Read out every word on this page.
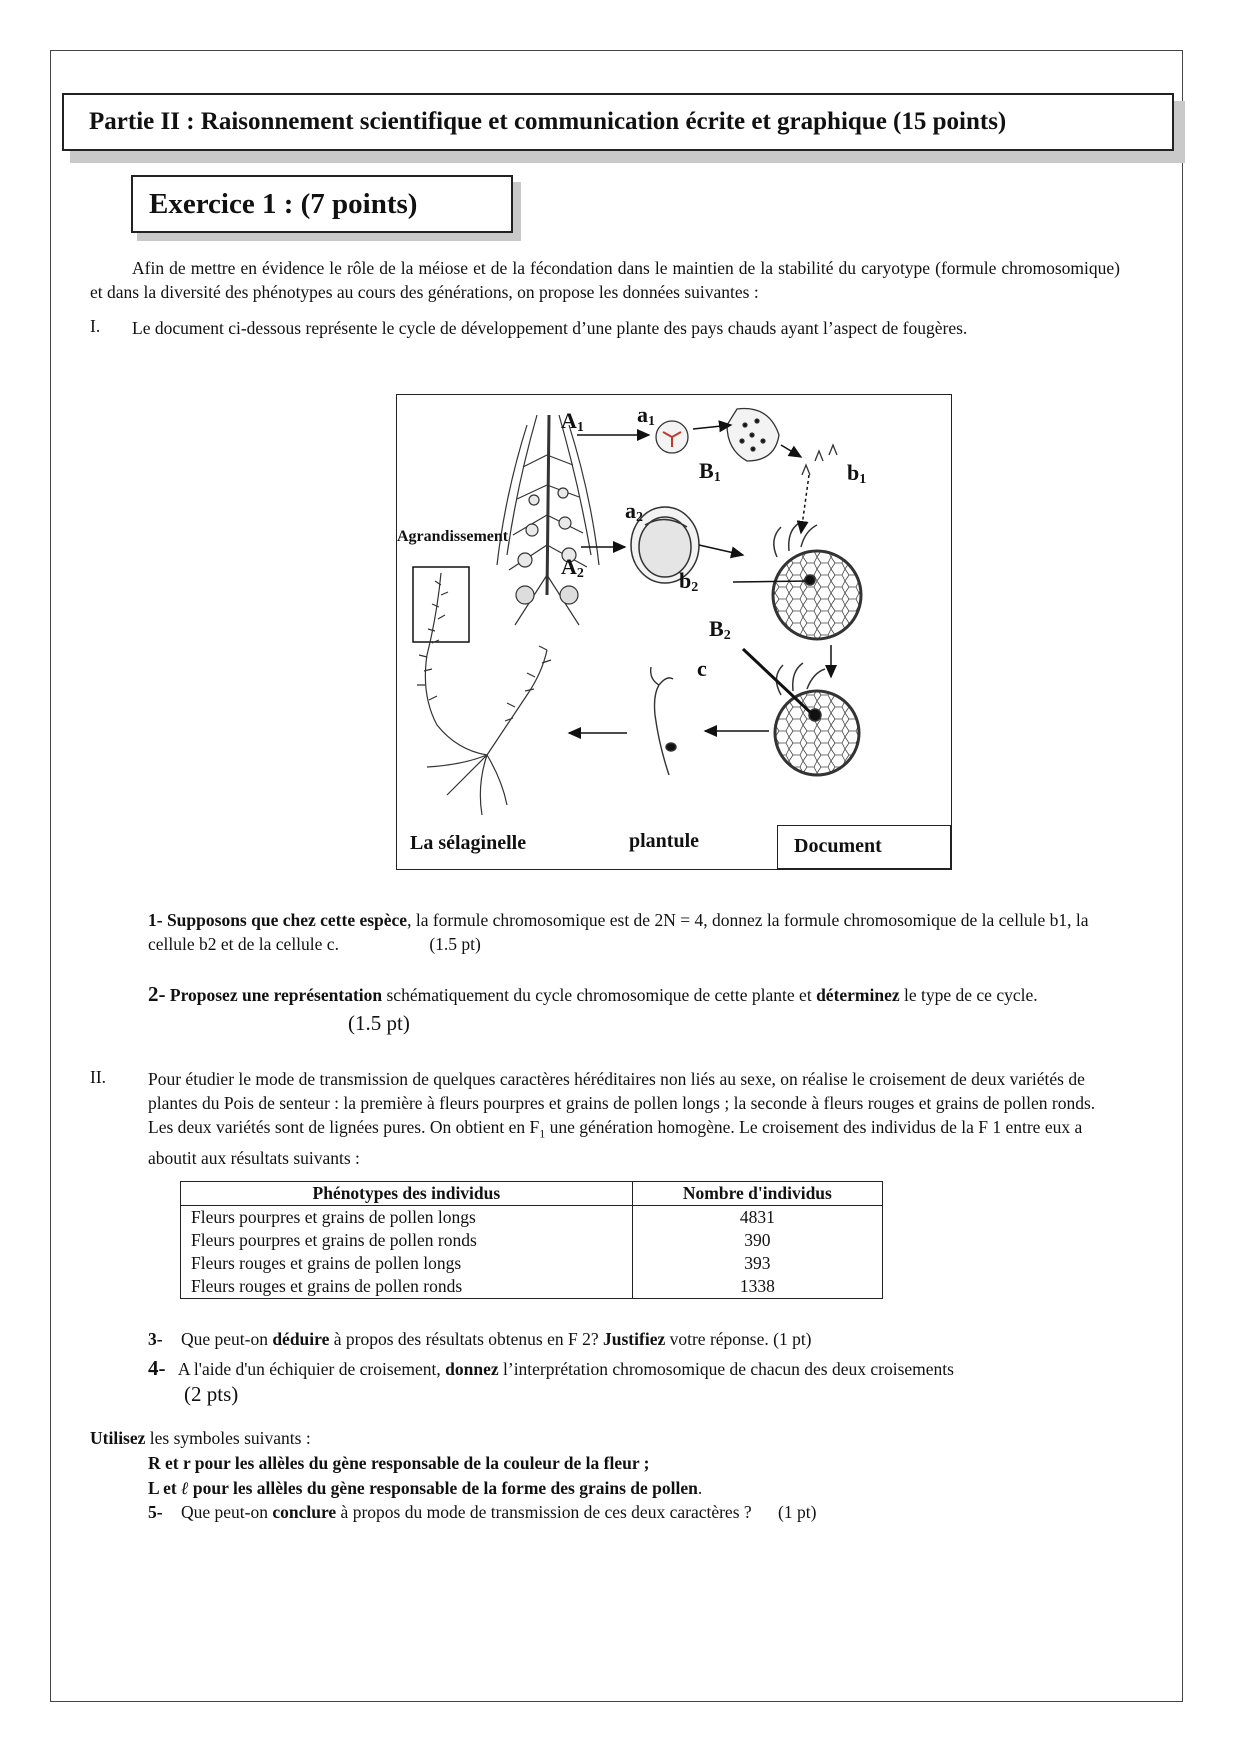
Partie II : Raisonnement scientifique et communication écrite et graphique (15 points)
Exercice 1 : (7 points)
Afin de mettre en évidence le rôle de la méiose et de la fécondation dans le maintien de la stabilité du caryotype (formule chromosomique) et dans la diversité des phénotypes au cours des générations, on propose les données suivantes :
I. Le document ci-dessous représente le cycle de développement d’une plante des pays chauds ayant l’aspect de fougères.
$A_1$
$a_1$
$B_1$	$b_1$
$a_2$
Agrandissement
$A_2$	$b_2$
$B_2$
c
La sélaginelle	plantule	Document
1- Supposons que chez cette espèce, la formule chromosomique est de 2N = 4, donnez la formule chromosomique de la cellule b1, la cellule b2 et de la cellule c.	(1.5 pt)
2- Proposez une représentation schématiquement du cycle chromosomique de cette plante et déterminez le type de ce cycle. (1.5 pt)
II. Pour étudier le mode de transmission de quelques caractères héréditaires non liés au sexe, on réalise le croisement de deux variétés de plantes du Pois de senteur : la première à fleurs pourpres et grains de pollen longs ; la seconde à fleurs rouges et grains de pollen ronds. Les deux variétés sont de lignées pures. On obtient en $F_1$ une génération homogène. Le croisement des individus de la F 1 entre eux a aboutit aux résultats suivants :
Phénotypes des individus	Nombre d'individus
Fleurs pourpres et grains de pollen longs	4831
Fleurs pourpres et grains de pollen ronds	390
Fleurs rouges et grains de pollen longs	393
Fleurs rouges et grains de pollen ronds	1338
3- Que peut-on déduire à propos des résultats obtenus en F 2? Justifiez votre réponse. (1 pt)
4- A l'aide d'un échiquier de croisement, donnez l’interprétation chromosomique de chacun des deux croisements
(2 pts)
Utilisez les symboles suivants :
R et r pour les allèles du gène responsable de la couleur de la fleur ;
L et ℓ pour les allèles du gène responsable de la forme des grains de pollen.
5- Que peut-on conclure à propos du mode de transmission de ces deux caractères ? (1 pt)
